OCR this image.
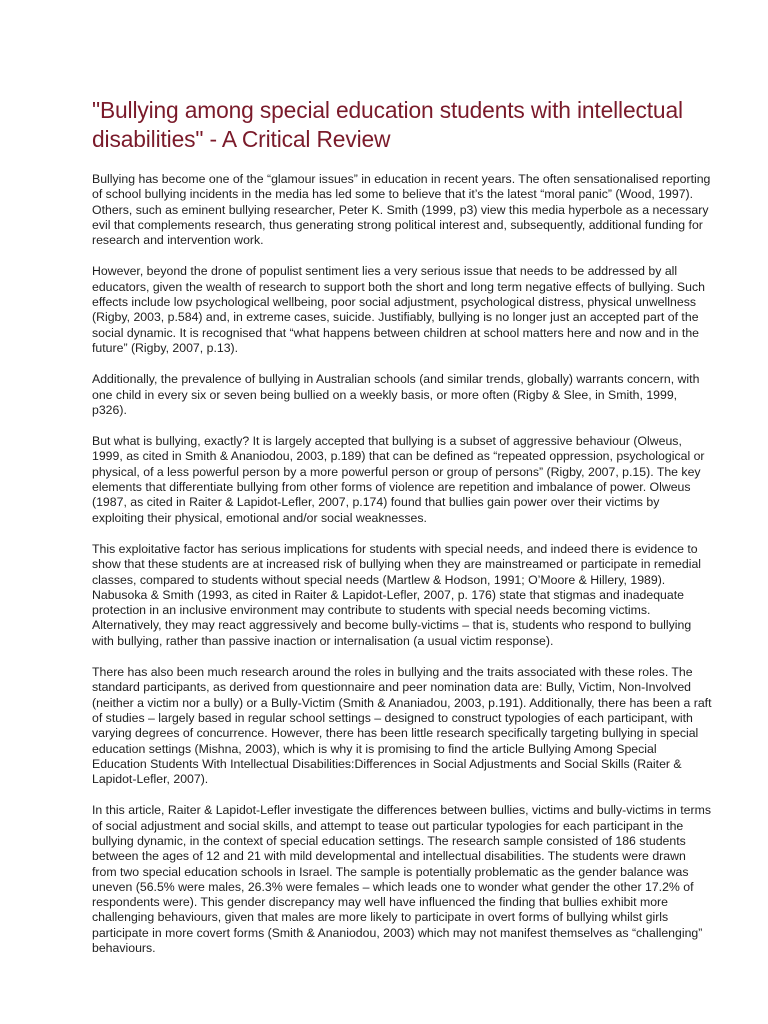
"Bullying among special education students with intellectual disabilities" - A Critical Review

Bullying has become one of the “glamour issues” in education in recent years. The often sensationalised reporting of school bullying incidents in the media has led some to believe that it’s the latest “moral panic” (Wood, 1997). Others, such as eminent bullying researcher, Peter K. Smith (1999, p3) view this media hyperbole as a necessary evil that complements research, thus generating strong political interest and, subsequently, additional funding for research and intervention work.

However, beyond the drone of populist sentiment lies a very serious issue that needs to be addressed by all educators, given the wealth of research to support both the short and long term negative effects of bullying. Such effects include low psychological wellbeing, poor social adjustment, psychological distress, physical unwellness (Rigby, 2003, p.584) and, in extreme cases, suicide. Justifiably, bullying is no longer just an accepted part of the social dynamic. It is recognised that “what happens between children at school matters here and now and in the future” (Rigby, 2007, p.13).

Additionally, the prevalence of bullying in Australian schools (and similar trends, globally) warrants concern, with one child in every six or seven being bullied on a weekly basis, or more often (Rigby & Slee, in Smith, 1999, p326).

But what is bullying, exactly? It is largely accepted that bullying is a subset of aggressive behaviour (Olweus, 1999, as cited in Smith & Ananiodou, 2003, p.189) that can be defined as “repeated oppression, psychological or physical, of a less powerful person by a more powerful person or group of persons” (Rigby, 2007, p.15). The key elements that differentiate bullying from other forms of violence are repetition and imbalance of power. Olweus (1987, as cited in Raiter & Lapidot-Lefler, 2007, p.174) found that bullies gain power over their victims by exploiting their physical, emotional and/or social weaknesses.

This exploitative factor has serious implications for students with special needs, and indeed there is evidence to show that these students are at increased risk of bullying when they are mainstreamed or participate in remedial classes, compared to students without special needs (Martlew & Hodson, 1991; O’Moore & Hillery, 1989). Nabusoka & Smith (1993, as cited in Raiter & Lapidot-Lefler, 2007, p. 176) state that stigmas and inadequate protection in an inclusive environment may contribute to students with special needs becoming victims. Alternatively, they may react aggressively and become bully-victims – that is, students who respond to bullying with bullying, rather than passive inaction or internalisation (a usual victim response).

There has also been much research around the roles in bullying and the traits associated with these roles. The standard participants, as derived from questionnaire and peer nomination data are: Bully, Victim, Non-Involved (neither a victim nor a bully) or a Bully-Victim (Smith & Ananiadou, 2003, p.191). Additionally, there has been a raft of studies – largely based in regular school settings – designed to construct typologies of each participant, with varying degrees of concurrence. However, there has been little research specifically targeting bullying in special education settings (Mishna, 2003), which is why it is promising to find the article Bullying Among Special Education Students With Intellectual Disabilities:Differences in Social Adjustments and Social Skills (Raiter & Lapidot-Lefler, 2007).

In this article, Raiter & Lapidot-Lefler investigate the differences between bullies, victims and bully-victims in terms of social adjustment and social skills, and attempt to tease out particular typologies for each participant in the bullying dynamic, in the context of special education settings. The research sample consisted of 186 students between the ages of 12 and 21 with mild developmental and intellectual disabilities. The students were drawn from two special education schools in Israel. The sample is potentially problematic as the gender balance was uneven (56.5% were males, 26.3% were females – which leads one to wonder what gender the other 17.2% of respondents were). This gender discrepancy may well have influenced the finding that bullies exhibit more challenging behaviours, given that males are more likely to participate in overt forms of bullying whilst girls participate in more covert forms (Smith & Ananiodou, 2003) which may not manifest themselves as “challenging” behaviours.
